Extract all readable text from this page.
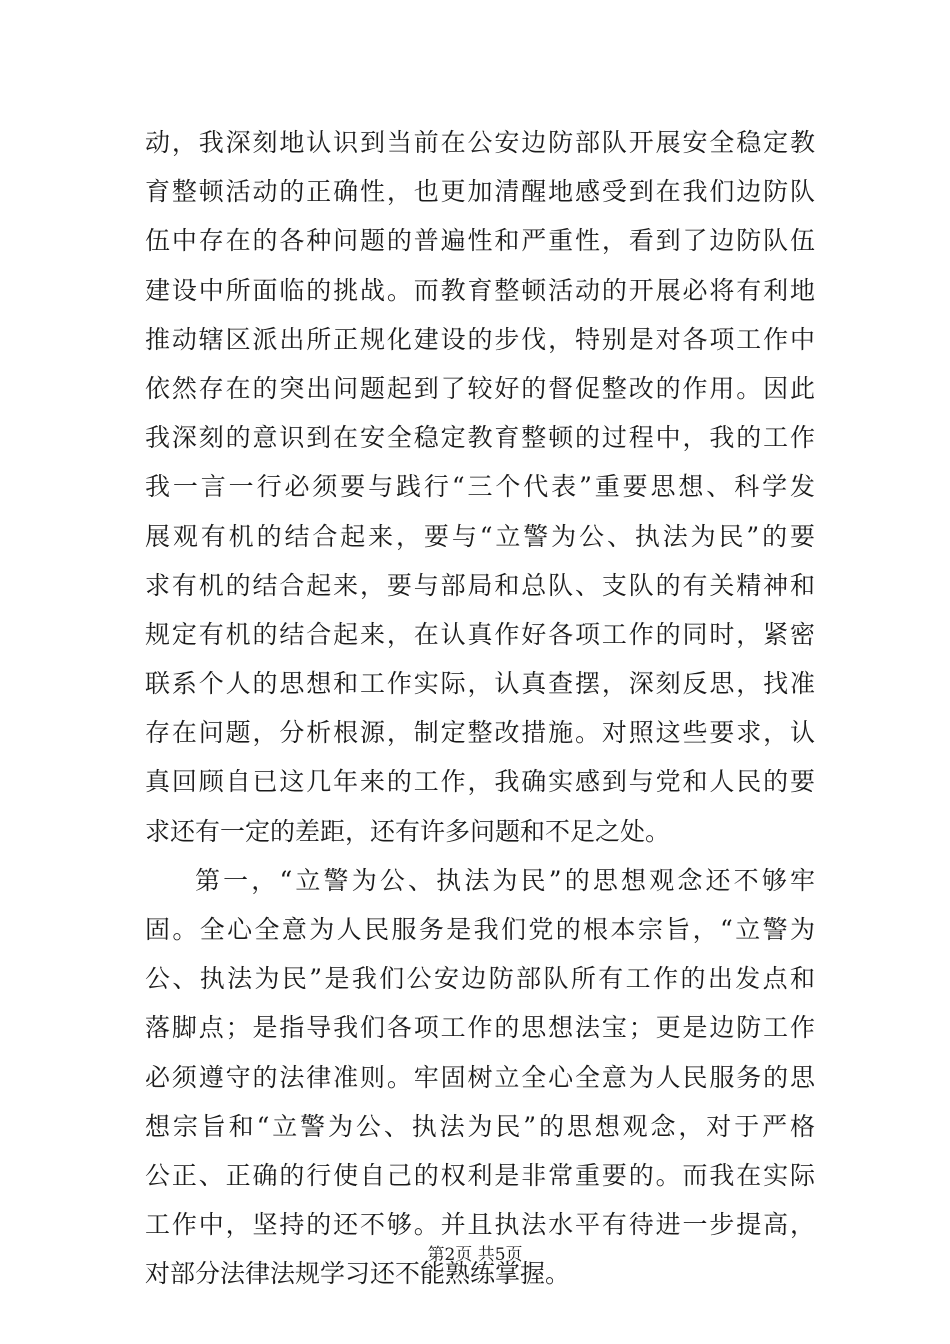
动，我深刻地认识到当前在公安边防部队开展安全稳定教
育整顿活动的正确性，也更加清醒地感受到在我们边防队
伍中存在的各种问题的普遍性和严重性，看到了边防队伍
建设中所面临的挑战。而教育整顿活动的开展必将有利地
推动辖区派出所正规化建设的步伐，特别是对各项工作中
依然存在的突出问题起到了较好的督促整改的作用。因此
我深刻的意识到在安全稳定教育整顿的过程中，我的工作
我一言一行必须要与践行“三个代表”重要思想、科学发
展观有机的结合起来，要与“立警为公、执法为民”的要
求有机的结合起来，要与部局和总队、支队的有关精神和
规定有机的结合起来，在认真作好各项工作的同时，紧密
联系个人的思想和工作实际，认真查摆，深刻反思，找准
存在问题，分析根源，制定整改措施。对照这些要求，认
真回顾自已这几年来的工作，我确实感到与党和人民的要
求还有一定的差距，还有许多问题和不足之处。
第一，“立警为公、执法为民”的思想观念还不够牢
固。全心全意为人民服务是我们党的根本宗旨，“立警为
公、执法为民”是我们公安边防部队所有工作的出发点和
落脚点；是指导我们各项工作的思想法宝；更是边防工作
必须遵守的法律准则。牢固树立全心全意为人民服务的思
想宗旨和“立警为公、执法为民”的思想观念，对于严格
公正、正确的行使自己的权利是非常重要的。而我在实际
工作中，坚持的还不够。并且执法水平有待进一步提高，
对部分法律法规学习还不能熟练掌握。
第2页 共5页
